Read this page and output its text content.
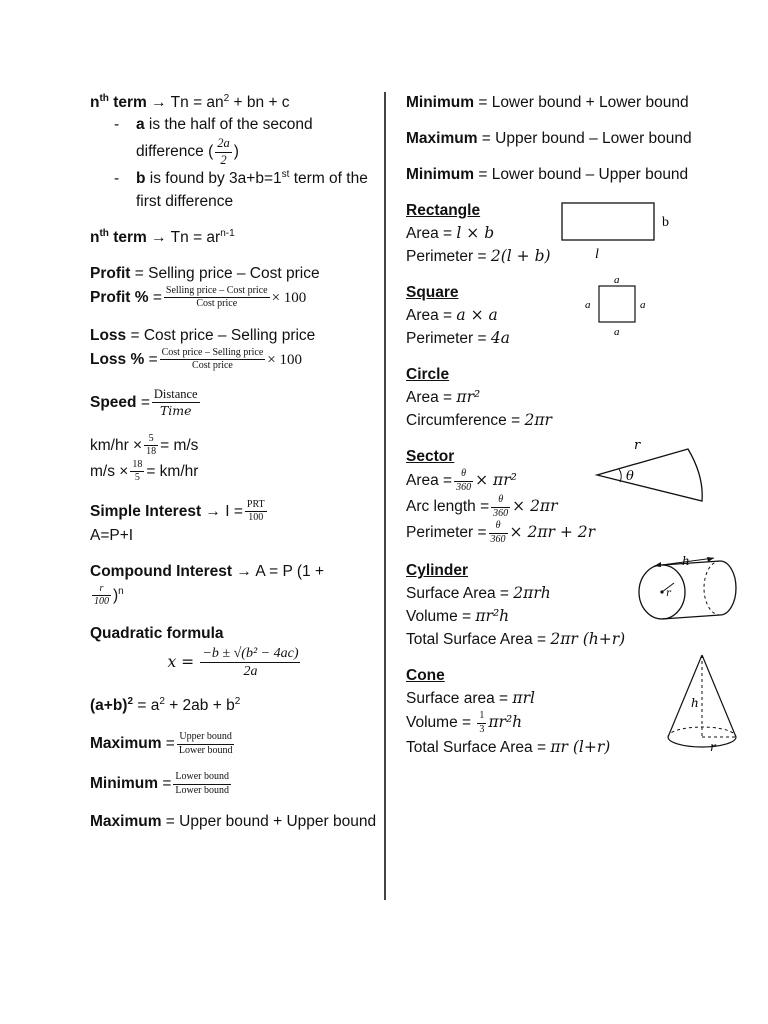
$n^{th}$ term → $Tn = an^2$ + bn + c
- a is the half of the second difference ( $\frac{2a}{2}$ )
- b is found by 3a+b=1st term of the first difference
$n^{th}$ term → $Tn = ar^{n-1}$
Profit = Selling price – Cost price
Profit % = $\frac{\text{Selling price – Cost price}}{\text{Cost price}} \times 100$
Loss = Cost price – Selling price
Loss % = $\frac{\text{Cost price – Selling price}}{\text{Cost price}} \times 100$
Speed = $\frac{\text{Distance}}{\text{Time}}$
$km/hr \times \frac{5}{18} = m/s$
$m/s \times \frac{18}{5} = km/hr$
Simple Interest → $I = \frac{\text{PRT}}{100}$
A=P+I
Compound Interest → A = P (1 +

$\frac{r}{100} )^n$
Quadratic formula
$x = \frac{\text{−b ± √(b² − 4ac)}}{2a}$
$(a+b)^2 = a^2 + 2ab + b^2$
Maximum = $\frac{\text{Upper bound}}{\text{Lower bound}}$
Minimum = $\frac{\text{Lower bound}}{\text{Lower bound}}$
Maximum = Upper bound + Upper bound
Minimum = Lower bound + Lower bound
Maximum = Upper bound – Lower bound
Minimum = Lower bound – Upper bound
Rectangle
Area = l × b
Perimeter = 2(l + b)
b
l
Square
Area = a × a
Perimeter = 4a
a
a	a
a
Circle
Area = πr²
Circumference = 2πr
Sector
Area = $\frac{\theta}{360} \times \pi r^2$
Arc length = $\frac{\theta}{360} \times 2\pi r$
Perimeter = $\frac{\theta}{360} \times 2\pi r + 2r$
r
θ
Cylinder
Surface Area = 2πrh
Volume = πr²h
Total Surface Area = 2πr (h+r)
h
r
Cone
Surface area = πrl
Volume = $\frac{1}{3} \pi r^2h$
Total Surface Area = πr (l+r)
h
r
